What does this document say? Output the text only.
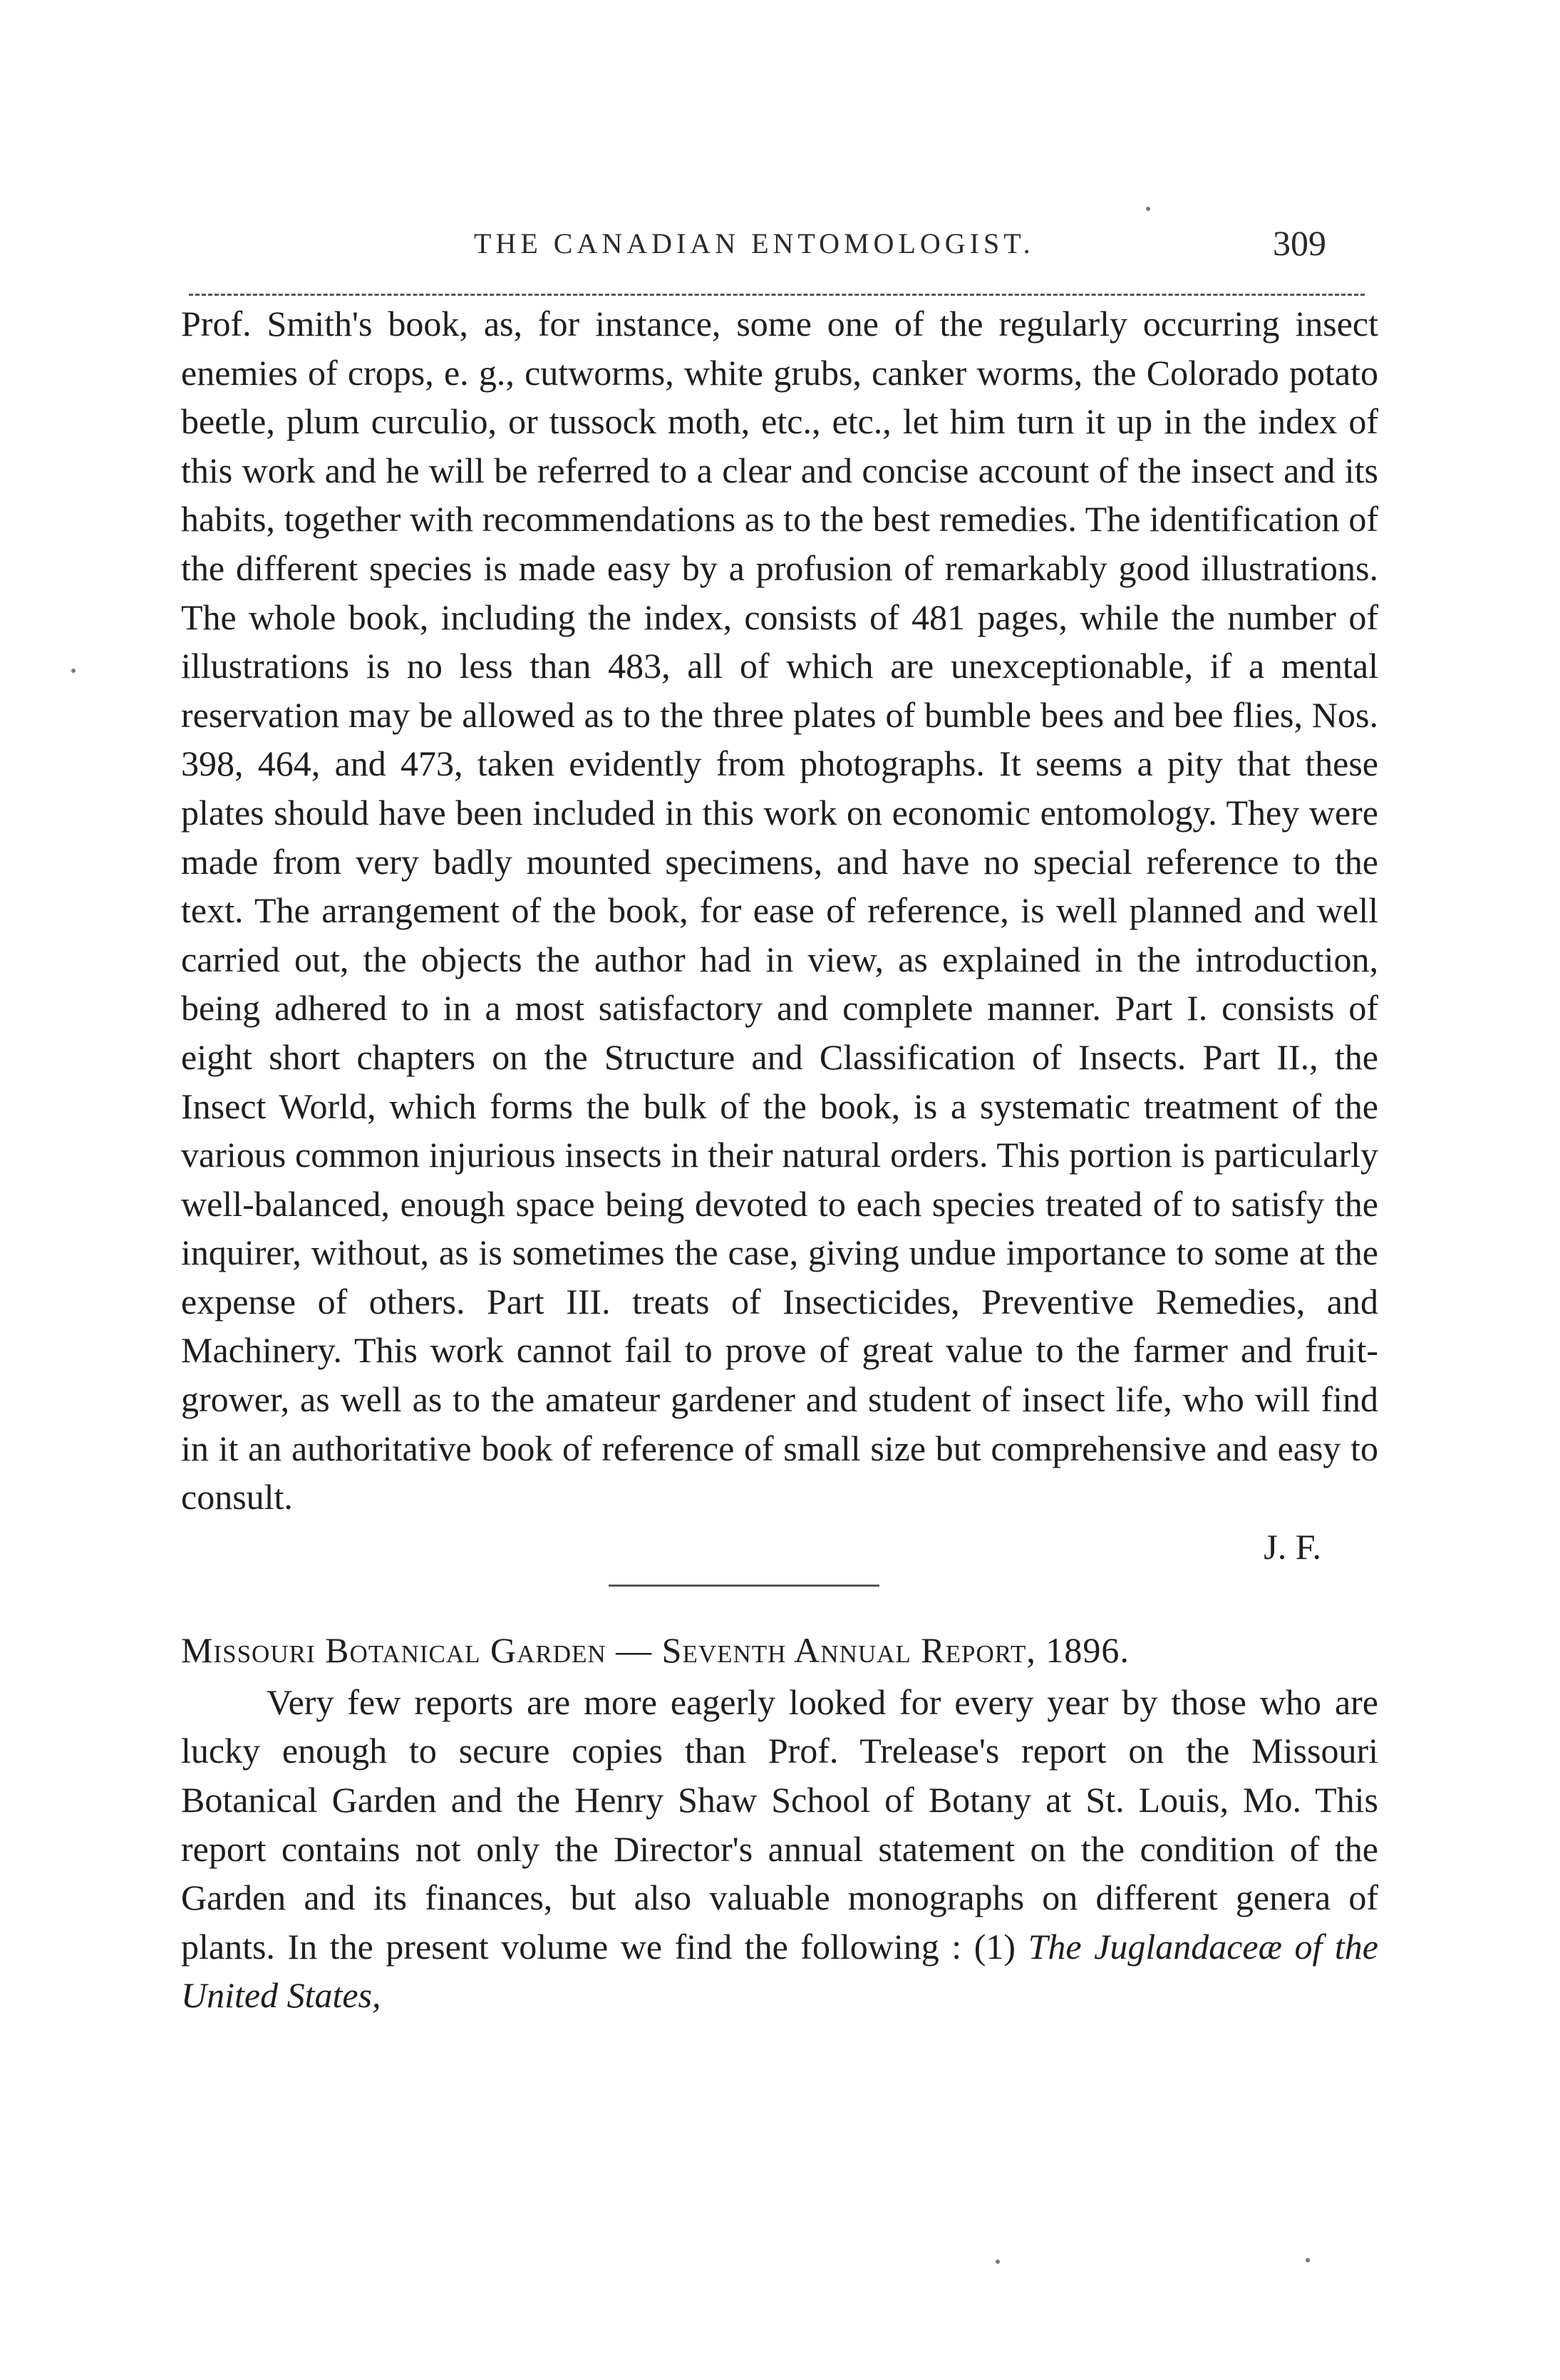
THE CANADIAN ENTOMOLOGIST.	309

Prof. Smith's book, as, for instance, some one of the regularly occurring insect enemies of crops, e. g., cutworms, white grubs, canker worms, the Colorado potato beetle, plum curculio, or tussock moth, etc., etc., let him turn it up in the index of this work and he will be referred to a clear and concise account of the insect and its habits, together with recommendations as to the best remedies. The identification of the different species is made easy by a profusion of remarkably good illustrations. The whole book, including the index, consists of 481 pages, while the number of illustrations is no less than 483, all of which are unexceptionable, if a mental reservation may be allowed as to the three plates of bumble bees and bee flies, Nos. 398, 464, and 473, taken evidently from photographs. It seems a pity that these plates should have been included in this work on economic entomology. They were made from very badly mounted specimens, and have no special reference to the text. The arrangement of the book, for ease of reference, is well planned and well carried out, the objects the author had in view, as explained in the introduction, being adhered to in a most satisfactory and complete manner. Part I. consists of eight short chapters on the Structure and Classification of Insects. Part II., the Insect World, which forms the bulk of the book, is a systematic treatment of the various common injurious insects in their natural orders. This portion is particularly well-balanced, enough space being devoted to each species treated of to satisfy the inquirer, without, as is sometimes the case, giving undue importance to some at the expense of others. Part III. treats of Insecticides, Preventive Remedies, and Machinery. This work cannot fail to prove of great value to the farmer and fruit-grower, as well as to the amateur gardener and student of insect life, who will find in it an authoritative book of reference of small size but comprehensive and easy to consult.

J. F.

Missouri Botanical Garden — Seventh Annual Report, 1896.

Very few reports are more eagerly looked for every year by those who are lucky enough to secure copies than Prof. Trelease's report on the Missouri Botanical Garden and the Henry Shaw School of Botany at St. Louis, Mo. This report contains not only the Director's annual statement on the condition of the Garden and its finances, but also valuable monographs on different genera of plants. In the present volume we find the following : (1) The Juglandaceæ of the United States,
